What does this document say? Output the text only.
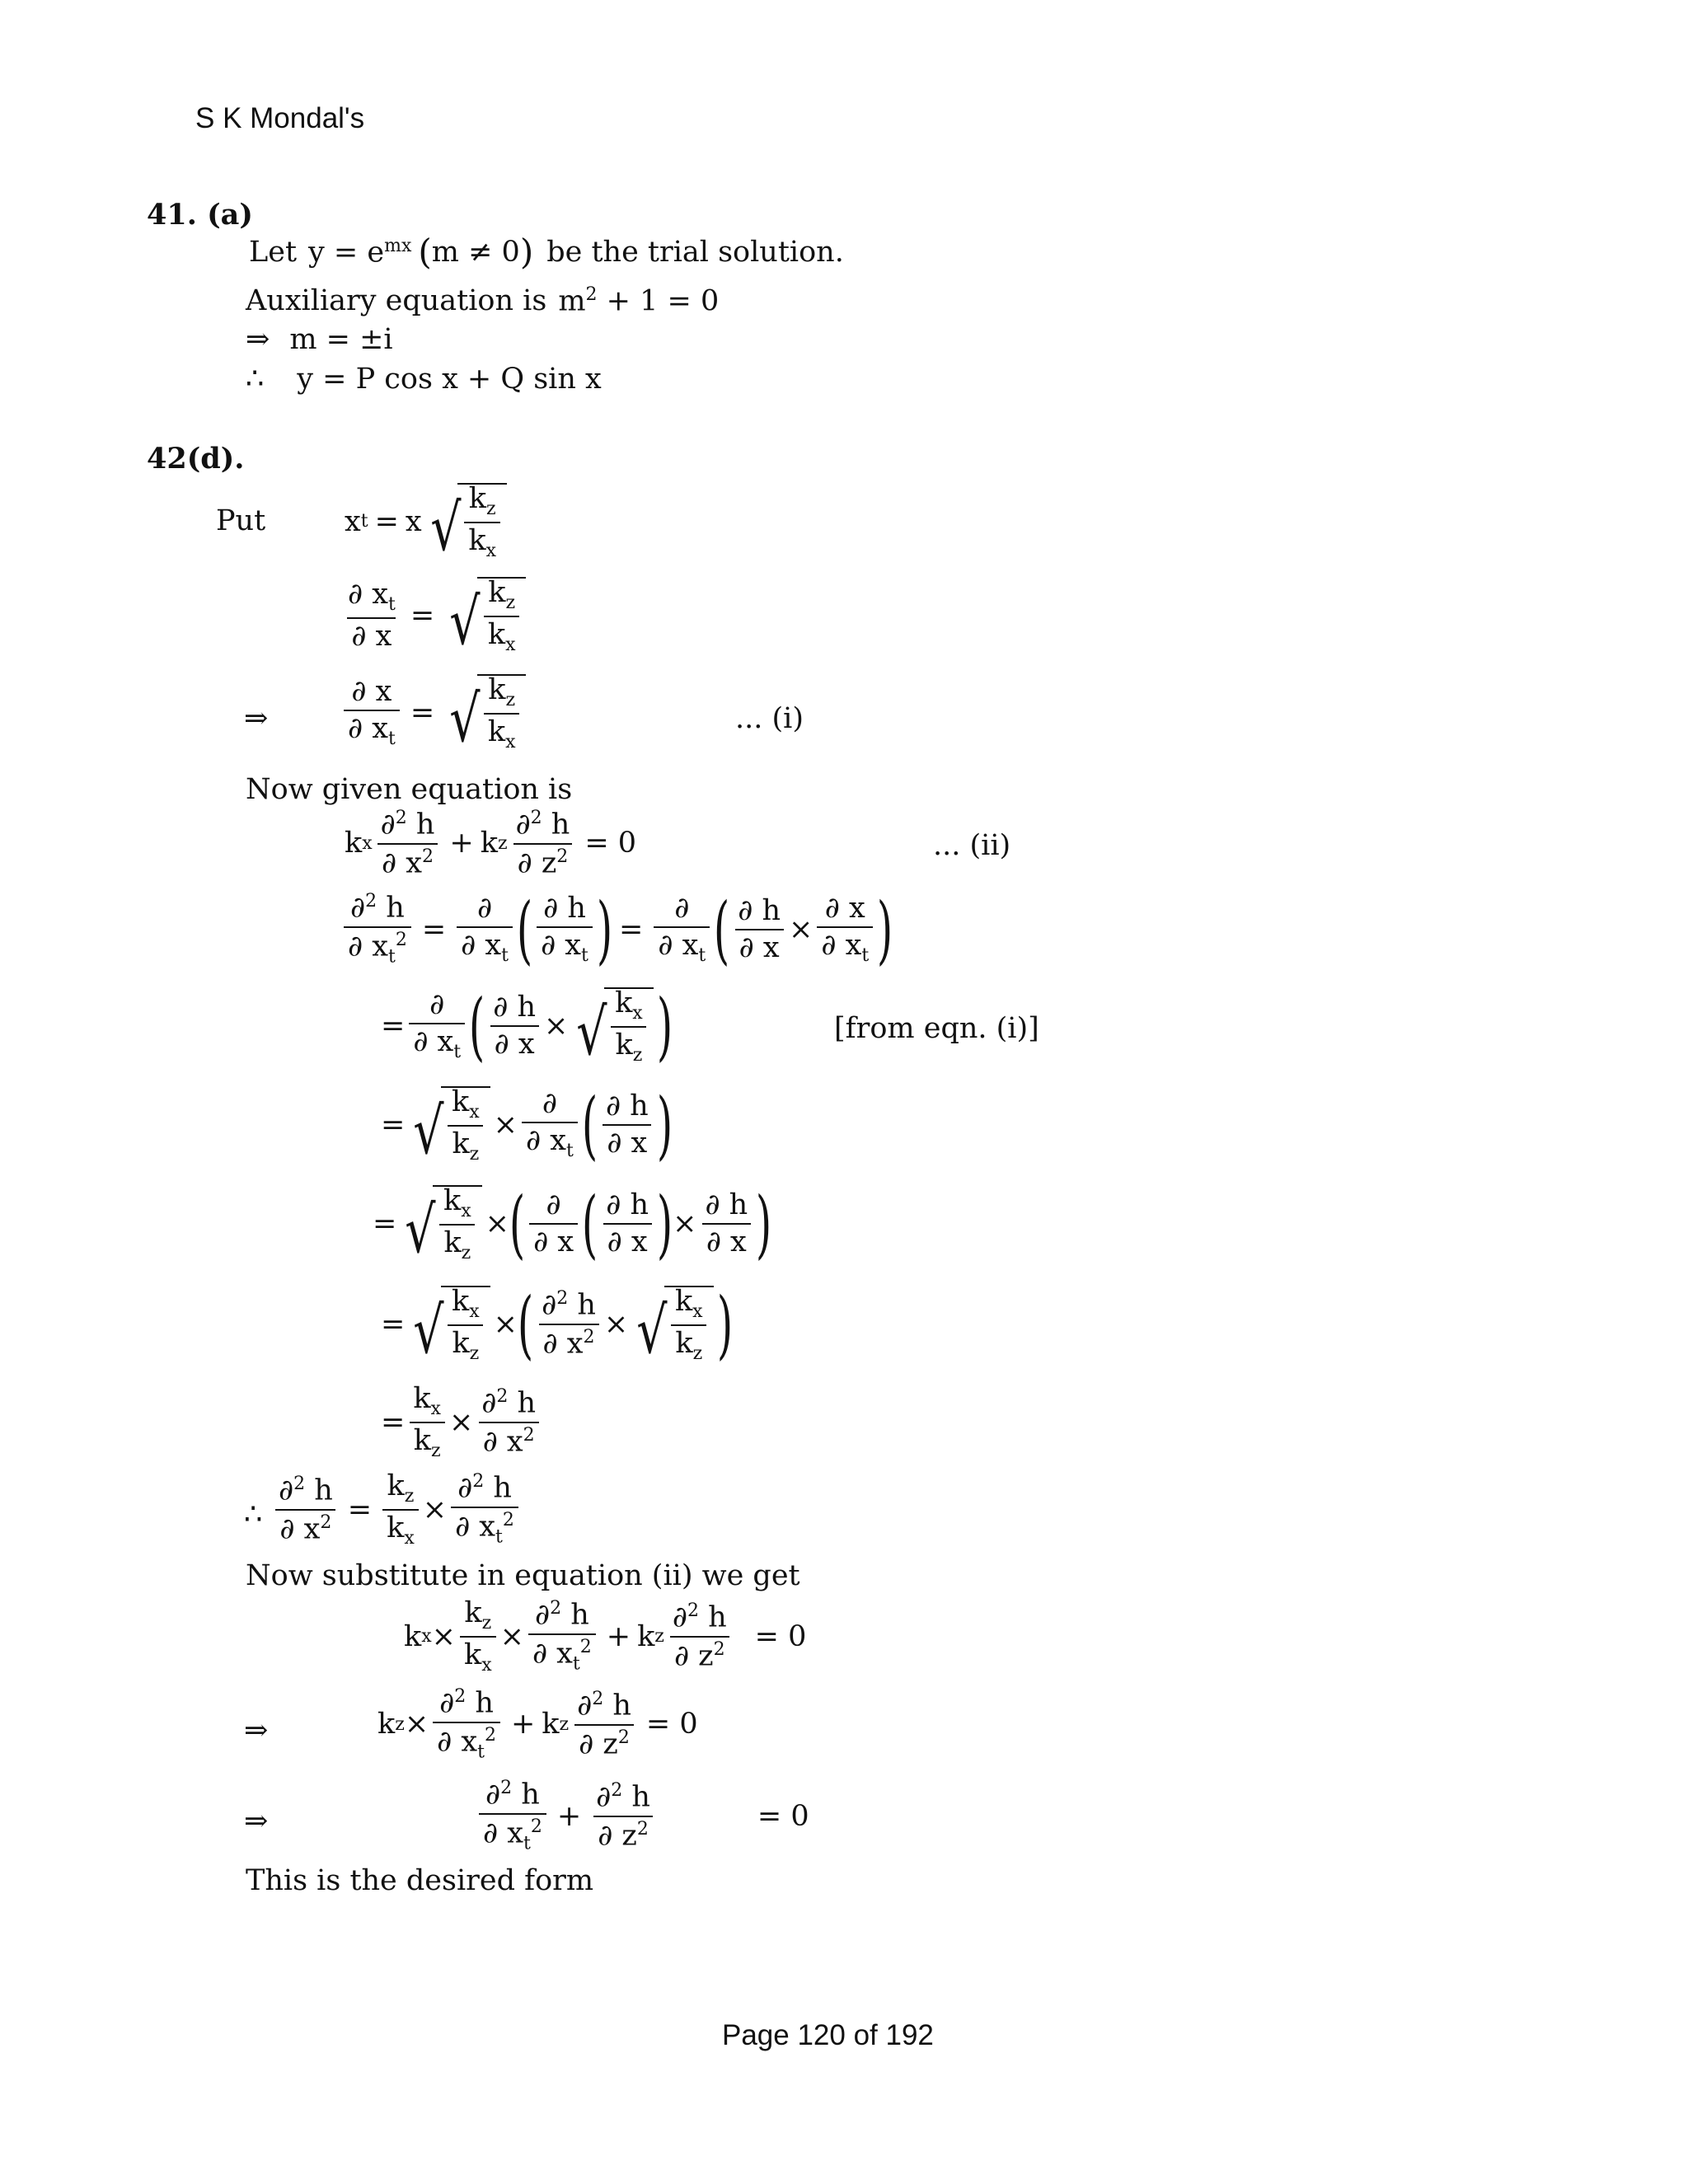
S K Mondal's
41. (a)
Let $y = e^{mx}$ ( m ≠ 0 ) be the trial solution.
Auxiliary equation is $m^2 + 1 = 0$
⇒ m = ±i
∴ y = P cos x + Q sin x
42(d).
Put	x t = x √ $k_z$
$k_x$
$\frac{\partial x_t}{\partial x}$ = √ $k_z$
$k_x$
⇒	$\frac{\partial x}{\partial x_t}$ = √ $k_z$
$k_x$
... (i)
Now given equation is
k x
∂$^2$ h
∂ $x^2 + k$ z $\frac{\partial^2 h}{\partial z^2} = 0$	... (ii)
$\frac{\partial^2 h}{\partial x_t^2}$ =
∂
∂ $x_t$ ( ∂ h
∂ $x_t$ ) =
∂
∂ $x_t$ ( ∂ h
∂ x
×
∂ x
∂ $x_t$ )
=
∂
∂ $x_t$ ( ∂ h
∂ x
× √ $k_x$
$k_z$ )	[from eqn. (i)]
= √ $k_x$
$k_z$
×
∂
∂ $x_t$ ( ∂ h
∂ x )
= √ $k_x$
$k_z$
× ( ∂
∂ x ( ∂ h
∂ x ) ×
∂ h
∂ x )
= √ $k_x$
$k_z$
× ( ∂$^2$ h
∂ $x^2$ × √ $k_x$
$k_z$ )
=
$k_x$
$k_z$
×
∂$^2$ h
∂ $x^2$
∴ $\frac{\partial^2 h}{\partial x^2} = \frac{k_z}{k_x}$ ×
∂$^2$ h
∂ $x_t^2$
Now substitute in equation (ii) we get
k x ×
$k_z$
$k_x$
×
∂$^2$ h
∂ $x_t^2 + k$ z $\frac{\partial^2 h}{\partial z^2} = 0$
⇒	k z ×
∂$^2$ h
∂ $x_t^2 + k$ z $\frac{\partial^2 h}{\partial z^2} = 0$
⇒
∂$^2$ h
∂ $x_t^2 + \frac{\partial^2 h}{\partial z^2}$	= 0
This is the desired form
Page 120 of 192
